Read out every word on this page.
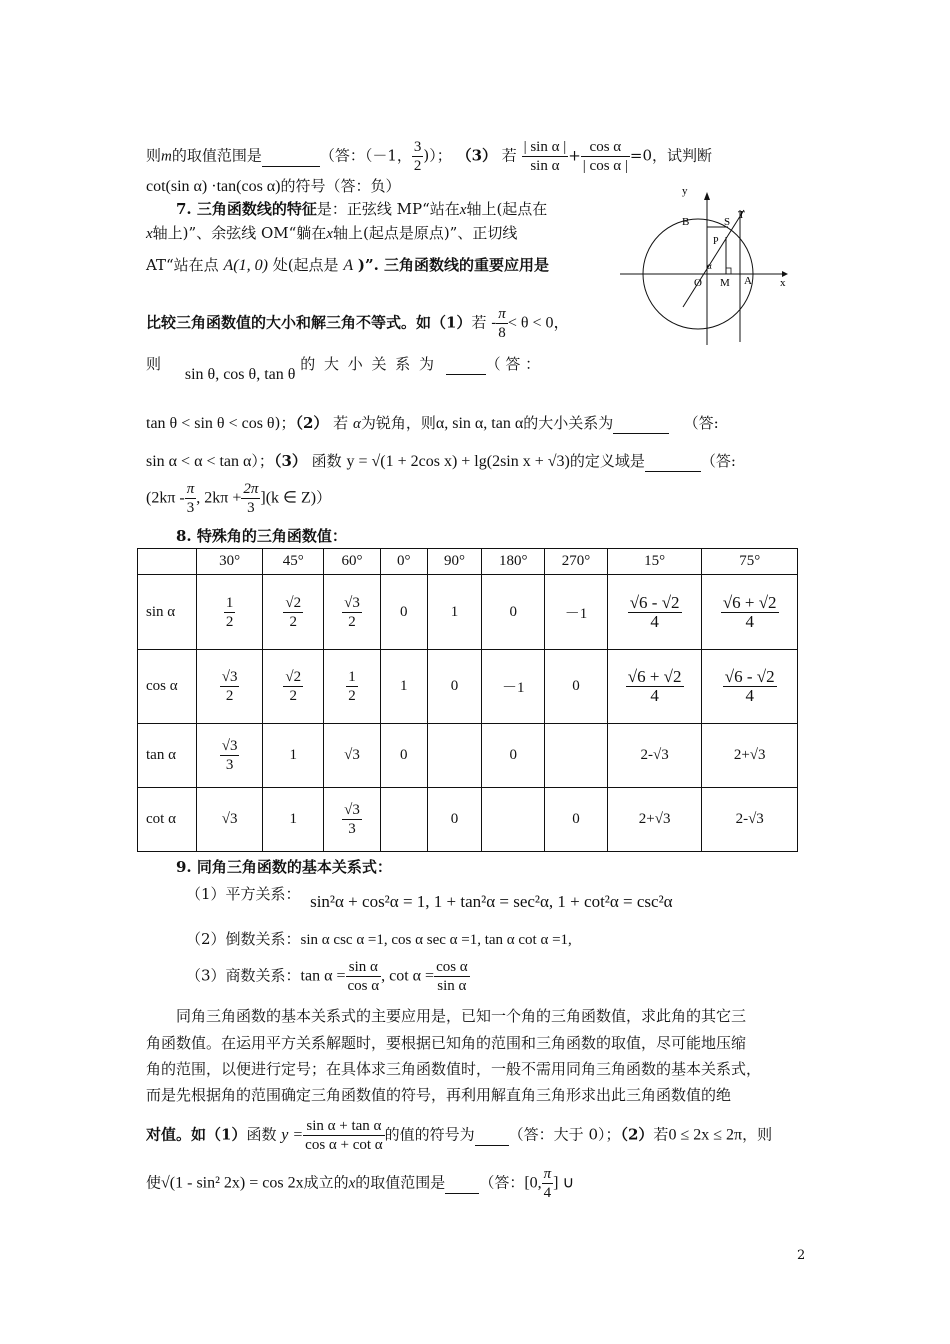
则m的取值范围是	（答：（－1， $\frac{3}{2}$ )）； （3） 若 $\frac{\text{| sin α |}}{\text{sin α}} + \frac{\text{cos α}}{\text{| cos α |}} =0$，试判断
cot(sin α) ·tan(cos α)的符号（答：负）
7. 三角函数线的特征是：正弦线 MP“站在x轴上(起点在
x轴上)”、余弦线 OM“躺在x轴上(起点是原点)”、正切线
AT“站在点 A(1, 0) 处(起点是 A )”. 三角函数线的重要应用是
y
x
B	S
T
P
α
O M A
比较三角函数值的大小和解三角不等式。如（1）若 - $\frac{\pi}{8} < \theta < 0$，
则     sin θ, cos θ, tan θ 的 大 小 关 系 为	（ 答 ：
tan θ < sin θ < cos θ)；（2） 若 α为锐角，则α, sin α, tan α的大小关系为	（答:
sin α < α < tan α）；（3） 函数 y = √(1 + 2cos x) + lg(2sin x + √3)的定义域是	（答:
($2k\pi - \frac{\pi}{3}$ , $2k\pi + \frac{2\pi}{3} ](k$ ∈ Z)）
8. 特殊角的三角函数值：
	30°	45°	60°	0°	90°	180°	270°	15°	75°
sin α	$\frac{1}{2}$	$\frac{√2}{2}$	$\frac{√3}{2}$	0	1	0	－1	$\frac{√6 - √2}{4}$	$\frac{√6 + √2}{4}$

cos α	$\frac{√3}{2}$	$\frac{√2}{2}$	$\frac{1}{2}$	1	0	－1	0	$\frac{√6 + √2}{4}$	$\frac{√6 - √2}{4}$

tan α	$\frac{√3}{3}$	1	√3	0		0		2-√3	2+√3
cot α	√3	1	$\frac{√3}{3}$		0		0	2+√3	2-√3
9. 同角三角函数的基本关系式：
（1）平方关系： sin²α + cos²α = 1, 1 + tan²α = sec²α, 1 + cot²α = csc²α
（2）倒数关系：sin α csc α =1, cos α sec α =1, tan α cot α =1,
（3）商数关系：$\tan \alpha = \frac{\text{sin α}}{\text{cos α}}$ , $\cot \alpha = \frac{\text{cos α}}{\text{sin α}}$
同角三角函数的基本关系式的主要应用是，已知一个角的三角函数值，求此角的其它三
角函数值。在运用平方关系解题时，要根据已知角的范围和三角函数的取值，尽可能地压缩
角的范围，以便进行定号；在具体求三角函数值时，一般不需用同角三角函数的基本关系式，
而是先根据角的范围确定三角函数值的符号，再利用解直角三角形求出此三角函数值的绝
对值。如（1）函数 $y = \frac{\text{sin α + tan α}}{\text{cos α + cot α}}$ 的值的符号为 （答：大于 0）；（2）若0 ≤ 2x ≤ 2π，则
使√(1 - sin² 2x) = cos 2x成立的x的取值范围是 （答：[0, $\frac{\pi}{4}$ ] ∪
2
